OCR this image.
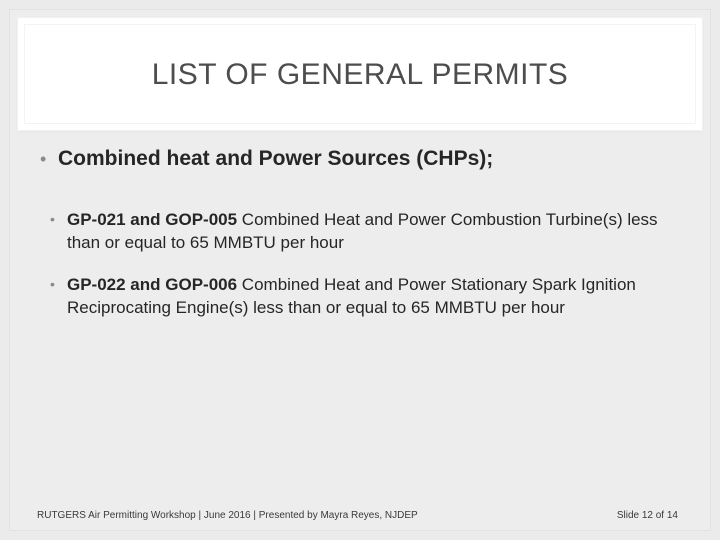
LIST OF GENERAL PERMITS
• Combined heat and Power Sources (CHPs);
• GP-021 and GOP-005 Combined Heat and Power Combustion Turbine(s) less than or equal to 65 MMBTU per hour
• GP-022 and GOP-006 Combined Heat and Power Stationary Spark Ignition Reciprocating Engine(s) less than or equal to 65 MMBTU per hour
RUTGERS Air Permitting Workshop | June 2016 | Presented by Mayra Reyes, NJDEP	Slide 12 of 14
